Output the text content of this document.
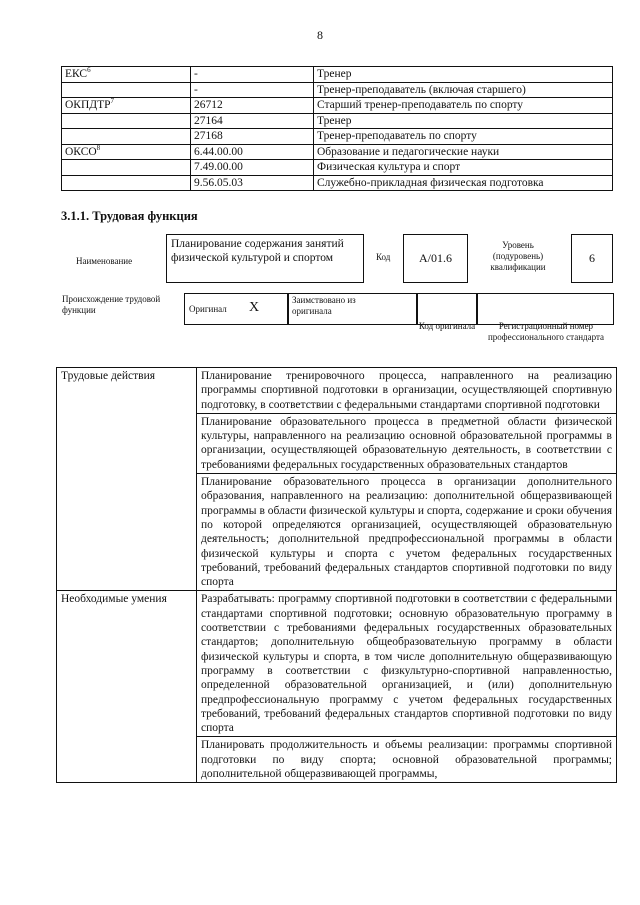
8
ЕКС$^6$	-	Тренер
	-	Тренер-преподаватель (включая старшего)
ОКПДТР$^7$	26712	Старший тренер-преподаватель по спорту
	27164	Тренер
	27168	Тренер-преподаватель по спорту
ОКСО$^8$	6.44.00.00	Образование и педагогические науки
	7.49.00.00	Физическая культура и спорт
	9.56.05.03	Служебно-прикладная физическая подготовка
3.1.1. Трудовая функция
Наименование
Планирование содержания занятий физической культурой и спортом	Код A/01.6
Уровень (подуровень) квалификации
6
Происхождение трудовой функции	Оригинал X	Заимствовано из оригинала
Код оригинала	Регистрационный номер профессионального стандарта
Трудовые действия	Планирование тренировочного процесса, направленного на реализацию программы спортивной подготовки в организации, осуществляющей спортивную подготовку, в соответствии с федеральными стандартами спортивной подготовки
	Планирование образовательного процесса в предметной области физической культуры, направленного на реализацию основной образовательной программы в организации, осуществляющей образовательную деятельность, в соответствии с требованиями федеральных государственных образовательных стандартов
	Планирование образовательного процесса в организации дополнительного образования, направленного на реализацию: дополнительной общеразвивающей программы в области физической культуры и спорта, содержание и сроки обучения по которой определяются организацией, осуществляющей образовательную деятельность; дополнительной предпрофессиональной программы в области физической культуры и спорта с учетом федеральных государственных требований, требований федеральных стандартов спортивной подготовки по виду спорта
Необходимые умения	Разрабатывать: программу спортивной подготовки в соответствии с федеральными стандартами спортивной подготовки; основную образовательную программу в соответствии с требованиями федеральных государственных образовательных стандартов; дополнительную общеобразовательную программу в области физической культуры и спорта, в том числе дополнительную общеразвивающую программу в соответствии с физкультурно-спортивной направленностью, определенной образовательной организацией, и (или) дополнительную предпрофессиональную программу с учетом федеральных государственных требований, требований федеральных стандартов спортивной подготовки по виду спорта
	Планировать продолжительность и объемы реализации: программы спортивной подготовки по виду спорта; основной образовательной программы; дополнительной общеразвивающей программы,
